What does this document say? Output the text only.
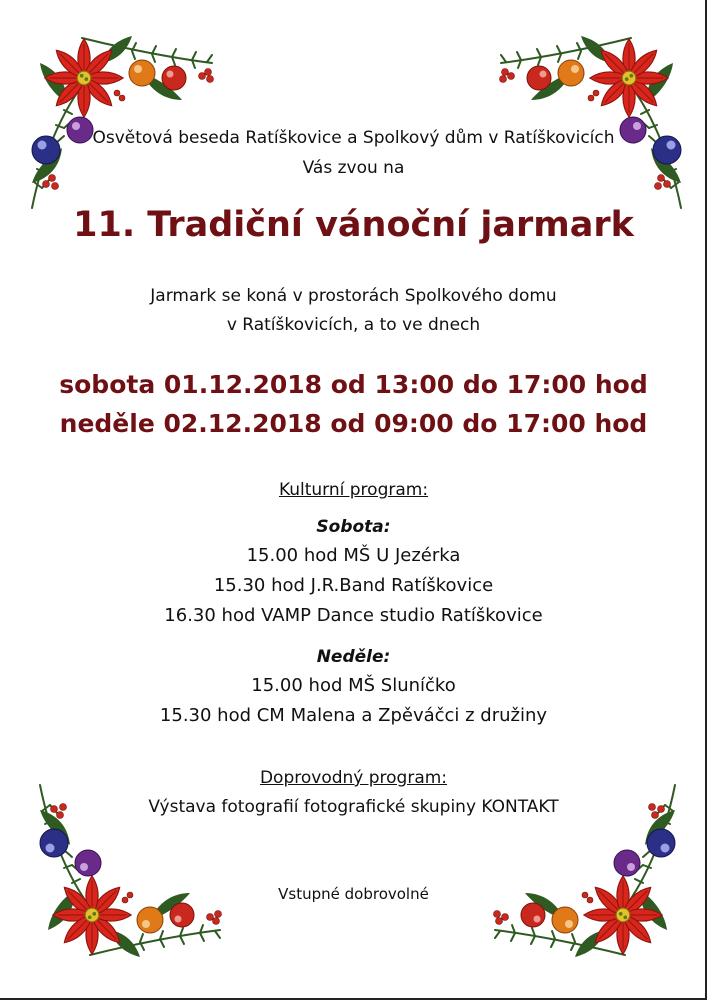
Osvětová beseda Ratíškovice a Spolkový dům v Ratíškovicích
Vás zvou na
11. Tradiční vánoční jarmark
Jarmark se koná v prostorách Spolkového domu
v Ratíškovicích, a to ve dnech
sobota 01.12.2018 od 13:00 do 17:00 hod
neděle 02.12.2018 od 09:00 do 17:00 hod
Kulturní program:
Sobota:
15.00 hod MŠ U Jezérka
15.30 hod J.R.Band Ratíškovice
16.30 hod VAMP Dance studio Ratíškovice
Neděle:
15.00 hod MŠ Sluníčko
15.30 hod CM Malena a Zpěváčci z družiny
Doprovodný program:
Výstava fotografií fotografické skupiny KONTAKT
Vstupné dobrovolné
